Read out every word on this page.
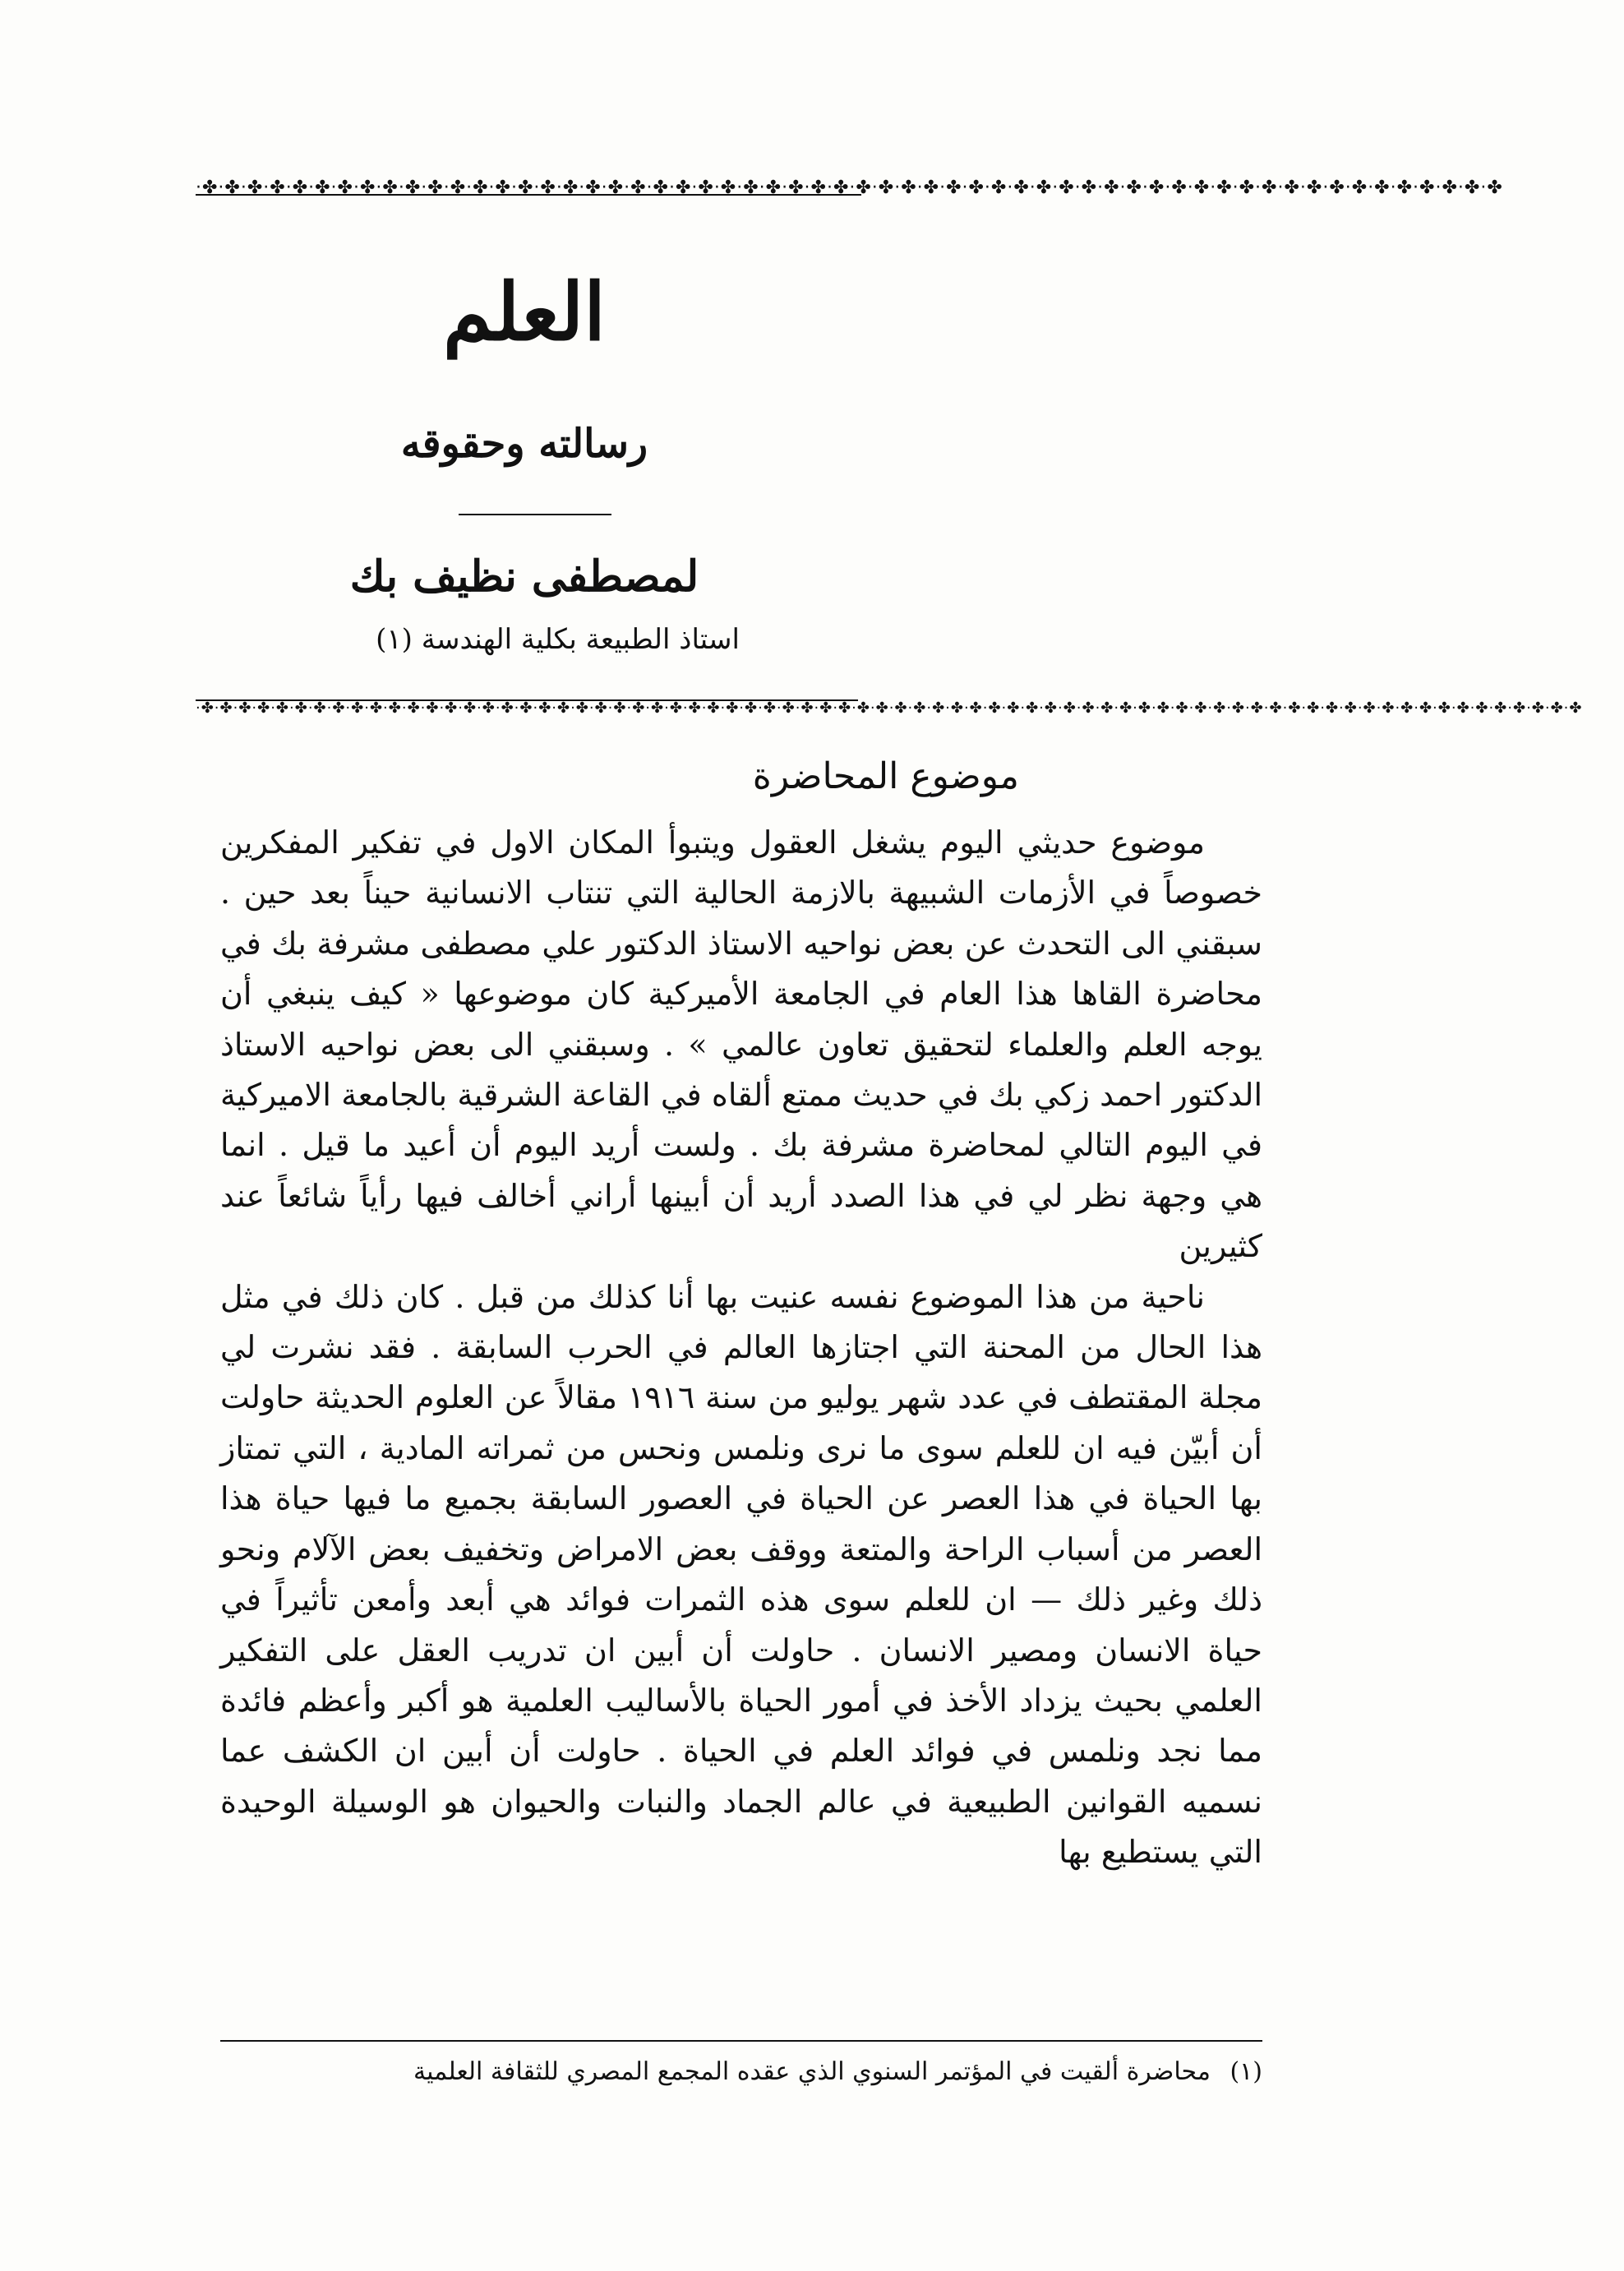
·✤·✤·✤·✤·✤·✤·✤·✤·✤·✤·✤·✤·✤·✤·✤·✤·✤·✤·✤·✤·✤·✤·✤·✤·✤·✤·✤·✤·✤·✤·✤·✤·✤·✤·✤·✤·✤·✤·✤·✤·✤·✤·✤·✤·✤·✤·✤·✤·✤·✤·✤·✤·✤·✤·✤·✤·✤·✤
العلم
رسالته وحقوقه
لمصطفى نظيف بك
استاذ الطبيعة بكلية الهندسة (١)
·✤·✤·✤·✤·✤·✤·✤·✤·✤·✤·✤·✤·✤·✤·✤·✤·✤·✤·✤·✤·✤·✤·✤·✤·✤·✤·✤·✤·✤·✤·✤·✤·✤·✤·✤·✤·✤·✤·✤·✤·✤·✤·✤·✤·✤·✤·✤·✤·✤·✤·✤·✤·✤·✤·✤·✤·✤·✤·✤·✤·✤·✤·✤·✤·✤·✤·✤·✤·✤·✤·✤·✤·✤·✤
موضوع المحاضرة

موضوع حديثي اليوم يشغل العقول ويتبوأ المكان الاول في تفكير المفكرين خصوصاً في الأزمات الشبيهة بالازمة الحالية التي تنتاب الانسانية حيناً بعد حين . سبقني الى التحدث عن بعض نواحيه الاستاذ الدكتور علي مصطفى مشرفة بك في محاضرة القاها هذا العام في الجامعة الأميركية كان موضوعها « كيف ينبغي أن يوجه العلم والعلماء لتحقيق تعاون عالمي » . وسبقني الى بعض نواحيه الاستاذ الدكتور احمد زكي بك في حديث ممتع ألقاه في القاعة الشرقية بالجامعة الاميركية في اليوم التالي لمحاضرة مشرفة بك . ولست أريد اليوم أن أعيد ما قيل . انما هي وجهة نظر لي في هذا الصدد أريد أن أبينها أراني أخالف فيها رأياً شائعاً عند كثيرين

ناحية من هذا الموضوع نفسه عنيت بها أنا كذلك من قبل . كان ذلك في مثل هذا الحال من المحنة التي اجتازها العالم في الحرب السابقة . فقد نشرت لي مجلة المقتطف في عدد شهر يوليو من سنة ١٩١٦ مقالاً عن العلوم الحديثة حاولت أن أبيّن فيه ان للعلم سوى ما نرى ونلمس ونحس من ثمراته المادية ، التي تمتاز بها الحياة في هذا العصر عن الحياة في العصور السابقة بجميع ما فيها حياة هذا العصر من أسباب الراحة والمتعة ووقف بعض الامراض وتخفيف بعض الآلام ونحو ذلك وغير ذلك — ان للعلم سوى هذه الثمرات فوائد هي أبعد وأمعن تأثيراً في حياة الانسان ومصير الانسان . حاولت أن أبين ان تدريب العقل على التفكير العلمي بحيث يزداد الأخذ في أمور الحياة بالأساليب العلمية هو أكبر وأعظم فائدة مما نجد ونلمس في فوائد العلم في الحياة . حاولت أن أبين ان الكشف عما نسميه القوانين الطبيعية في عالم الجماد والنبات والحيوان هو الوسيلة الوحيدة التي يستطيع بها

(١) محاضرة ألقيت في المؤتمر السنوي الذي عقده المجمع المصري للثقافة العلمية
